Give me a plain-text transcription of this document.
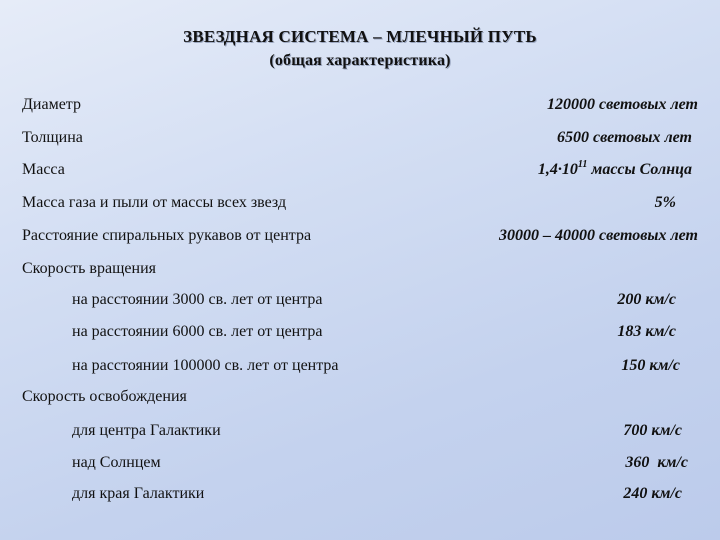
ЗВЕЗДНАЯ СИСТЕМА – МЛЕЧНЫЙ ПУТЬ
(общая характеристика)
Диаметр	120000 световых лет
Толщина	6500 световых лет
Масса	$1,4\cdot 10^{11}$ массы Солнца
Масса газа и пыли от массы всех звезд	5%
Расстояние спиральных рукавов от центра	30000 – 40000 световых лет
Скорость вращения
на расстоянии 3000 св. лет от центра	200 км/с
на расстоянии 6000 св. лет от центра	183 км/с
на расстоянии 100000 св. лет от центра	150 км/с
Скорость освобождения
для центра Галактики	700 км/с
над Солнцем	360  км/с
для края Галактики	240 км/с
